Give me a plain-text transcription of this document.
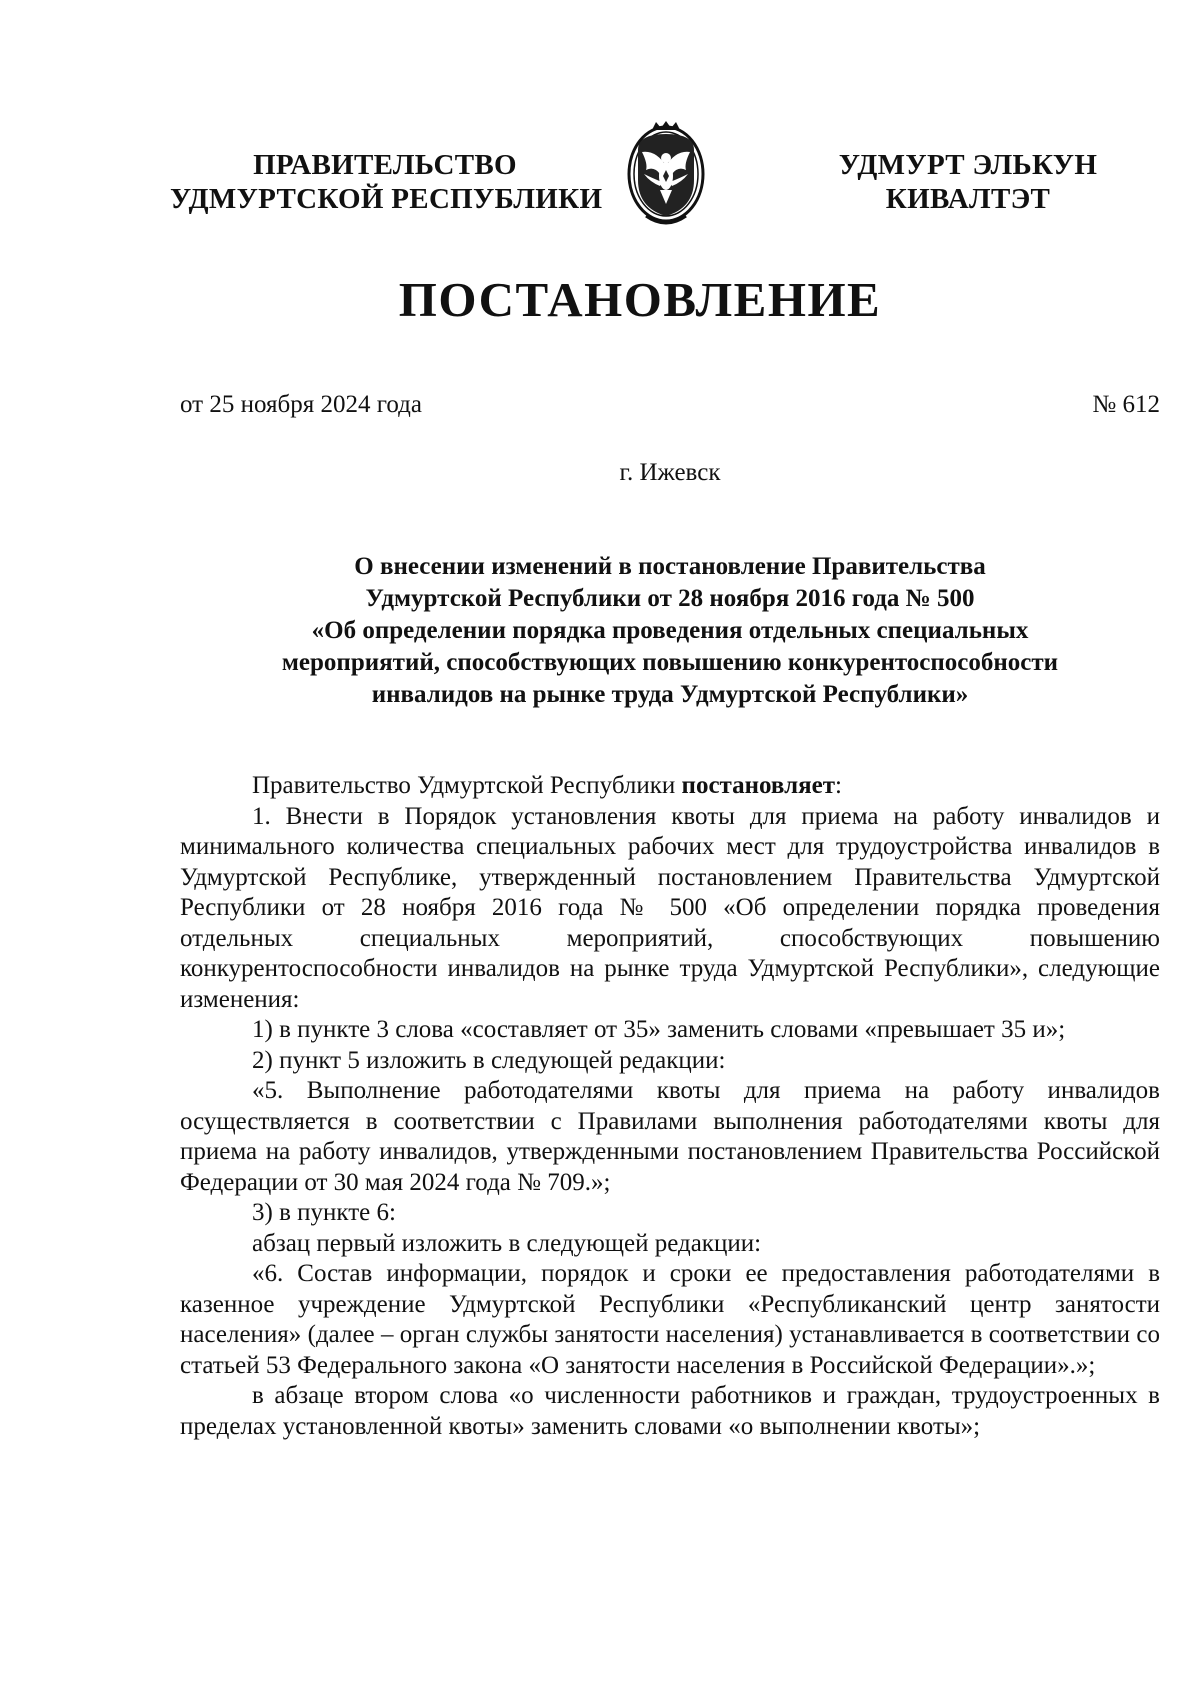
ПРАВИТЕЛЬСТВО
УДМУРТСКОЙ РЕСПУБЛИКИ
УДМУРТ ЭЛЬКУН
КИВАЛТЭТ
ПОСТАНОВЛЕНИЕ
от 25 ноября 2024 года	№ 612
г. Ижевск
О внесении изменений в постановление Правительства
Удмуртской Республики от 28 ноября 2016 года № 500
«Об определении порядка проведения отдельных специальных
мероприятий, способствующих повышению конкурентоспособности
инвалидов на рынке труда Удмуртской Республики»

Правительство Удмуртской Республики постановляет:

1. Внести в Порядок установления квоты для приема на работу инвалидов и минимального количества специальных рабочих мест для трудоустройства инвалидов в Удмуртской Республике, утвержденный постановлением Правительства Удмуртской Республики от 28 ноября 2016 года № 500 «Об определении порядка проведения отдельных специальных мероприятий, способствующих повышению конкурентоспособности инвалидов на рынке труда Удмуртской Республики», следующие изменения:

1) в пункте 3 слова «составляет от 35» заменить словами «превышает 35 и»;

2) пункт 5 изложить в следующей редакции:

«5. Выполнение работодателями квоты для приема на работу инвалидов осуществляется в соответствии с Правилами выполнения работодателями квоты для приема на работу инвалидов, утвержденными постановлением Правительства Российской Федерации от 30 мая 2024 года № 709.»;

3) в пункте 6:

абзац первый изложить в следующей редакции:

«6. Состав информации, порядок и сроки ее предоставления работодателями в казенное учреждение Удмуртской Республики «Республиканский центр занятости населения» (далее – орган службы занятости населения) устанавливается в соответствии со статьей 53 Федерального закона «О занятости населения в Российской Федерации».»;

в абзаце втором слова «о численности работников и граждан, трудоустроенных в пределах установленной квоты» заменить словами «о выполнении квоты»;
